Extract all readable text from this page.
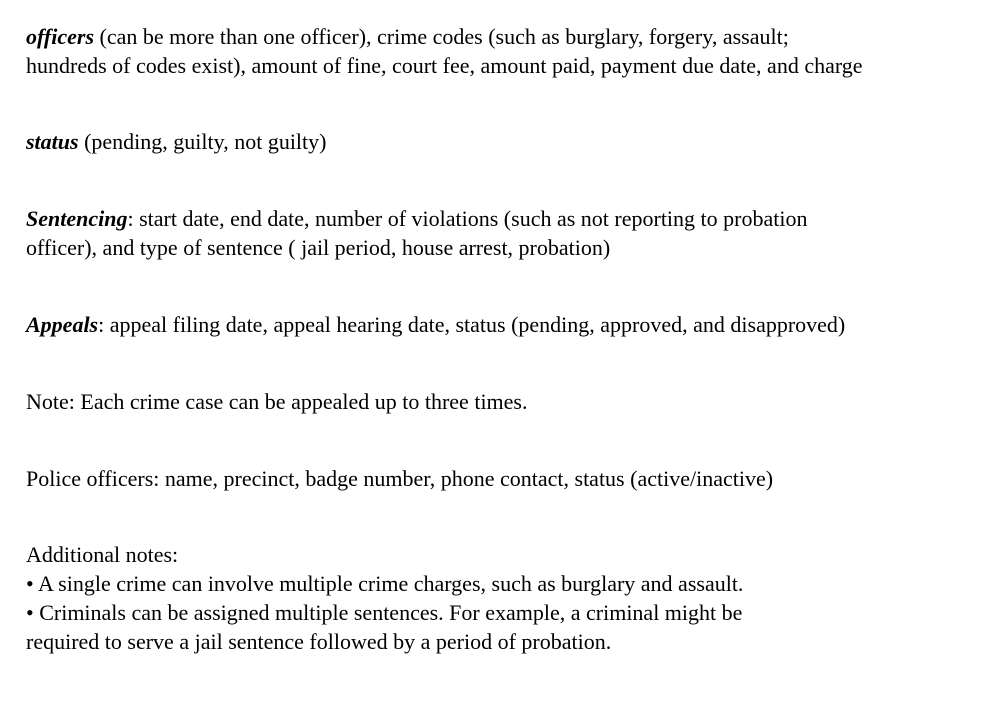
officers (can be more than one officer), crime codes (such as burglary, forgery, assault;
hundreds of codes exist), amount of fine, court fee, amount paid, payment due date, and charge

status (pending, guilty, not guilty)

Sentencing: start date, end date, number of violations (such as not reporting to probation
officer), and type of sentence ( jail period, house arrest, probation)

Appeals: appeal filing date, appeal hearing date, status (pending, approved, and disapproved)

Note: Each crime case can be appealed up to three times.

Police officers: name, precinct, badge number, phone contact, status (active/inactive)

Additional notes:
• A single crime can involve multiple crime charges, such as burglary and assault.
• Criminals can be assigned multiple sentences. For example, a criminal might be
required to serve a jail sentence followed by a period of probation.
